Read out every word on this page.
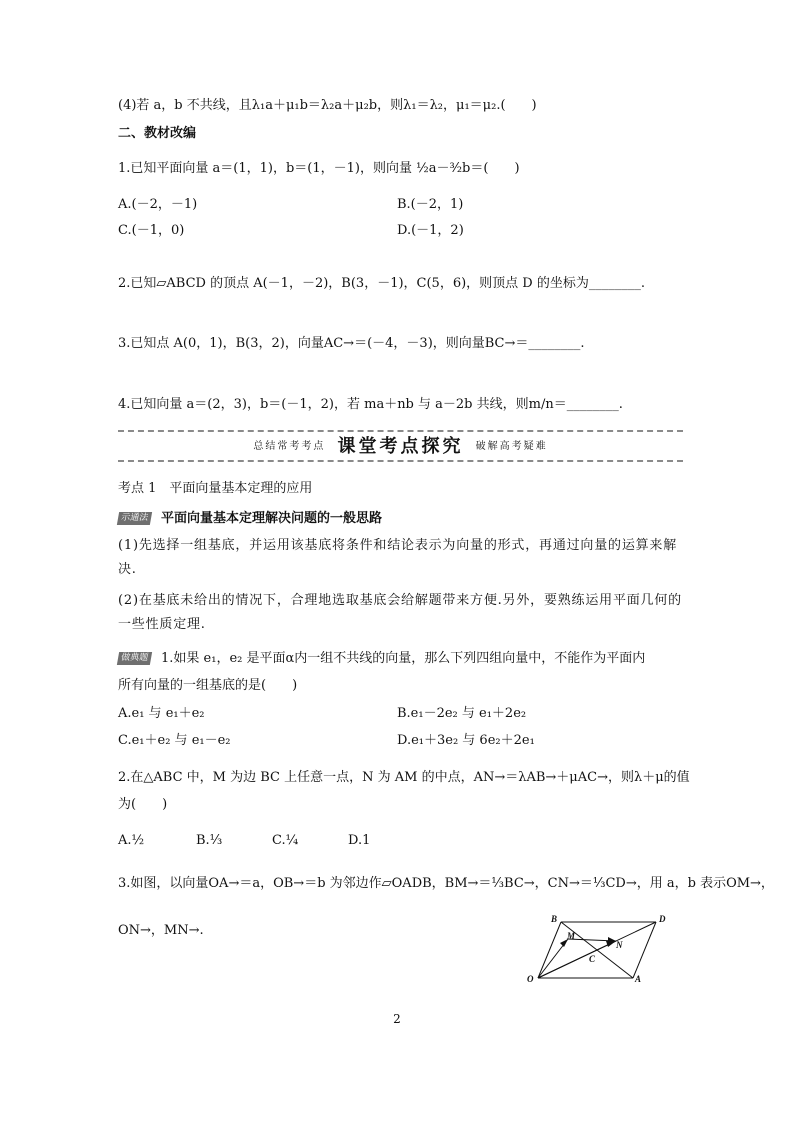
(4)若 a，b 不共线，且λ₁a＋μ₁b＝λ₂a＋μ₂b，则λ₁＝λ₂，μ₁＝μ₂.(　　)
二、教材改编
1.已知平面向量 a＝(1，1)，b＝(1，－1)，则向量 ½a－³⁄₂b＝(　　)
A.(－2，－1)	B.(－2，1)
C.(－1，0)	D.(－1，2)
2.已知▱ABCD 的顶点 A(－1，－2)，B(3，－1)，C(5，6)，则顶点 D 的坐标为________.
3.已知点 A(0，1)，B(3，2)，向量AC→＝(－4，－3)，则向量BC→＝________.
4.已知向量 a＝(2，3)，b＝(－1，2)，若 ma＋nb 与 a－2b 共线，则m/n＝________.
总结常考考点 课堂考点探究 破解高考疑难
考点 1　平面向量基本定理的应用
示通法 平面向量基本定理解决问题的一般思路
(1)先选择一组基底，并运用该基底将条件和结论表示为向量的形式，再通过向量的运算来解决.
(2)在基底未给出的情况下，合理地选取基底会给解题带来方便.另外，要熟练运用平面几何的一些性质定理.
做典题 1.如果 e₁，e₂ 是平面α内一组不共线的向量，那么下列四组向量中，不能作为平面内
所有向量的一组基底的是(　　)
A.e₁ 与 e₁＋e₂	B.e₁－2e₂ 与 e₁＋2e₂
C.e₁＋e₂ 与 e₁－e₂	D.e₁＋3e₂ 与 6e₂＋2e₁
2.在△ABC 中，M 为边 BC 上任意一点，N 为 AM 的中点，AN→＝λAB→＋μAC→，则λ＋μ的值
为(　　)
A.½	B.⅓	C.¼	D.1
3.如图，以向量OA→＝a，OB→＝b 为邻边作▱OADB，BM→＝⅓BC→，CN→＝⅓CD→，用 a，b 表示OM→，
ON→，MN→.
B	D
M
N
C
O	A
2
